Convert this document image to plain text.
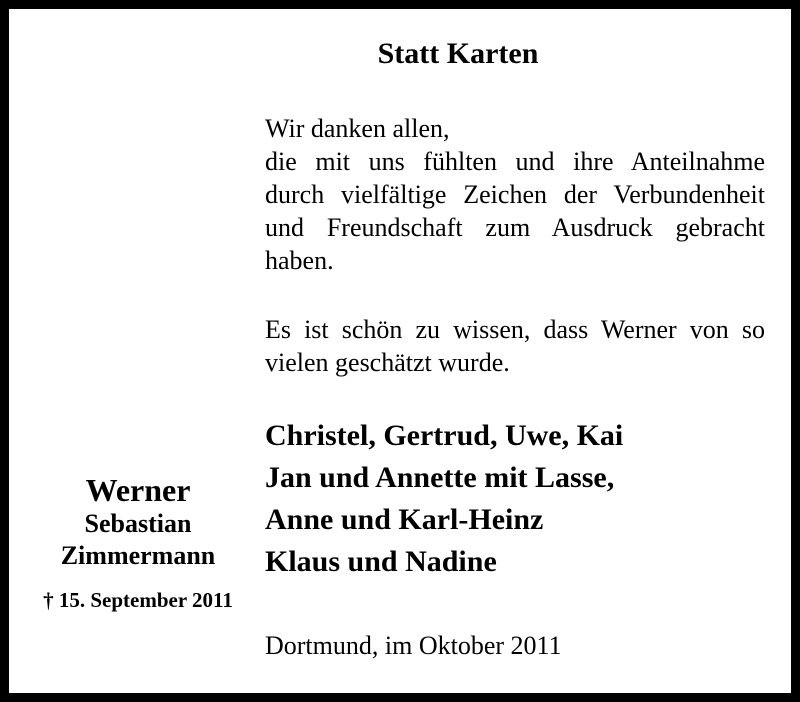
Statt Karten

Wir danken allen,
die mit uns fühlten und ihre Anteilnahme
durch vielfältige Zeichen der Verbundenheit
und Freundschaft zum Ausdruck gebracht
haben.

Es ist schön zu wissen, dass Werner von so
vielen geschätzt wurde.

Christel, Gertrud, Uwe, Kai
Jan und Annette mit Lasse,
Anne und Karl-Heinz
Klaus und Nadine

Werner

Sebastian

Zimmermann

† 15. September 2011

Dortmund, im Oktober 2011
